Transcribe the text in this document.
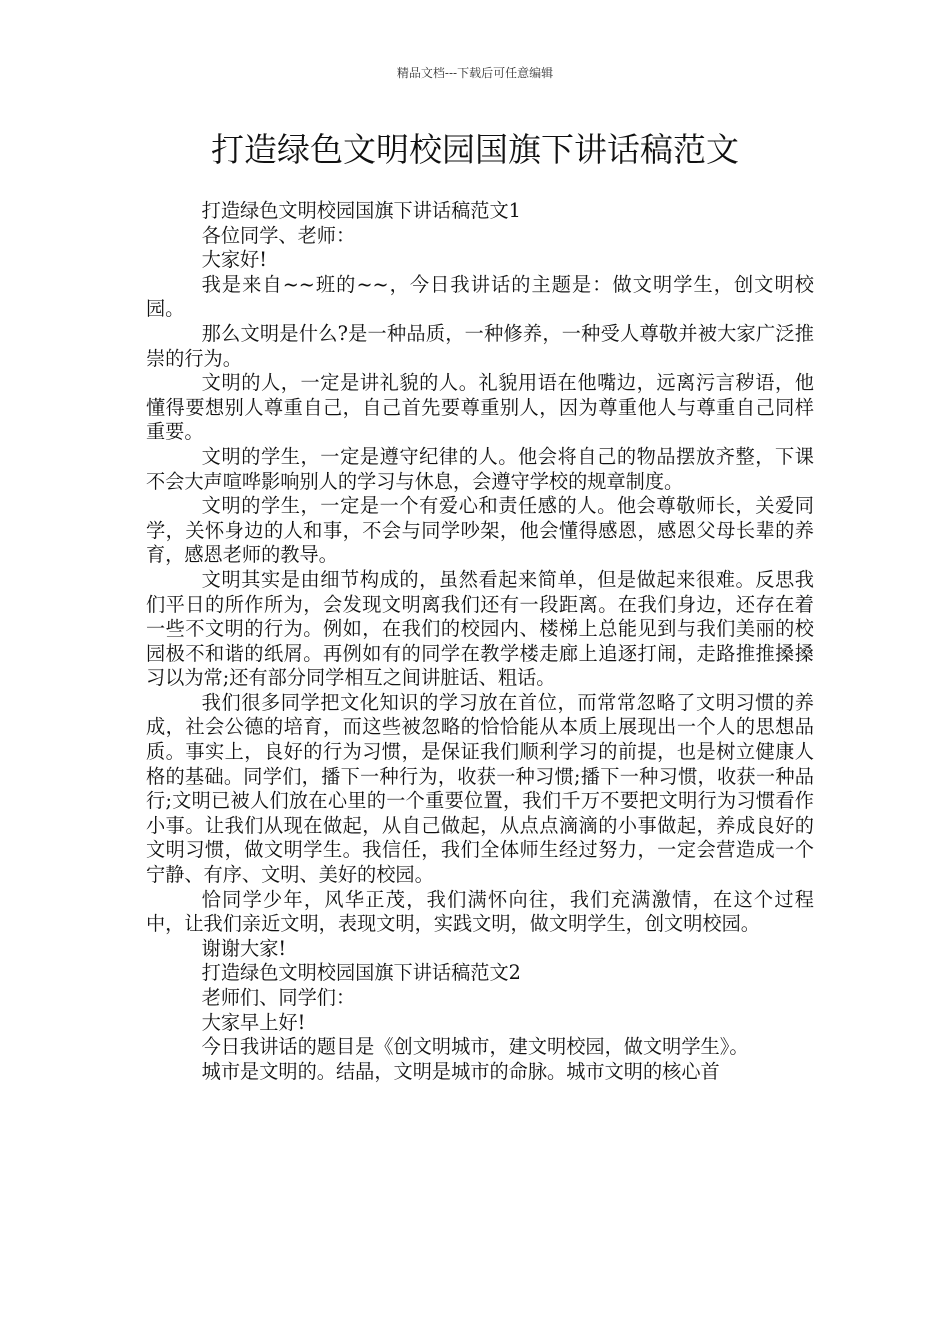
精品文档---下载后可任意编辑
打造绿色文明校园国旗下讲话稿范文

打造绿色文明校园国旗下讲话稿范文1

各位同学、老师：

大家好!

我是来自~~班的~~，今日我讲话的主题是：做文明学生，创文明校园。

那么文明是什么?是一种品质，一种修养，一种受人尊敬并被大家广泛推崇的行为。

文明的人，一定是讲礼貌的人。礼貌用语在他嘴边，远离污言秽语，他懂得要想别人尊重自己，自己首先要尊重别人，因为尊重他人与尊重自己同样重要。

文明的学生，一定是遵守纪律的人。他会将自己的物品摆放齐整，下课不会大声喧哗影响别人的学习与休息，会遵守学校的规章制度。

文明的学生，一定是一个有爱心和责任感的人。他会尊敬师长，关爱同学，关怀身边的人和事，不会与同学吵架，他会懂得感恩，感恩父母长辈的养育，感恩老师的教导。

文明其实是由细节构成的，虽然看起来简单，但是做起来很难。反思我们平日的所作所为，会发现文明离我们还有一段距离。在我们身边，还存在着一些不文明的行为。例如，在我们的校园内、楼梯上总能见到与我们美丽的校园极不和谐的纸屑。再例如有的同学在教学楼走廊上追逐打闹，走路推推搡搡习以为常;还有部分同学相互之间讲脏话、粗话。

我们很多同学把文化知识的学习放在首位，而常常忽略了文明习惯的养成，社会公德的培育，而这些被忽略的恰恰能从本质上展现出一个人的思想品质。事实上，良好的行为习惯，是保证我们顺利学习的前提，也是树立健康人格的基础。同学们，播下一种行为，收获一种习惯;播下一种习惯，收获一种品行;文明已被人们放在心里的一个重要位置，我们千万不要把文明行为习惯看作小事。让我们从现在做起，从自己做起，从点点滴滴的小事做起，养成良好的文明习惯，做文明学生。我信任，我们全体师生经过努力，一定会营造成一个宁静、有序、文明、美好的校园。

恰同学少年，风华正茂，我们满怀向往，我们充满激情，在这个过程中，让我们亲近文明，表现文明，实践文明，做文明学生，创文明校园。

谢谢大家!

打造绿色文明校园国旗下讲话稿范文2

老师们、同学们：

大家早上好!

今日我讲话的题目是《创文明城市，建文明校园，做文明学生》。

城市是文明的。结晶，文明是城市的命脉。城市文明的核心首
